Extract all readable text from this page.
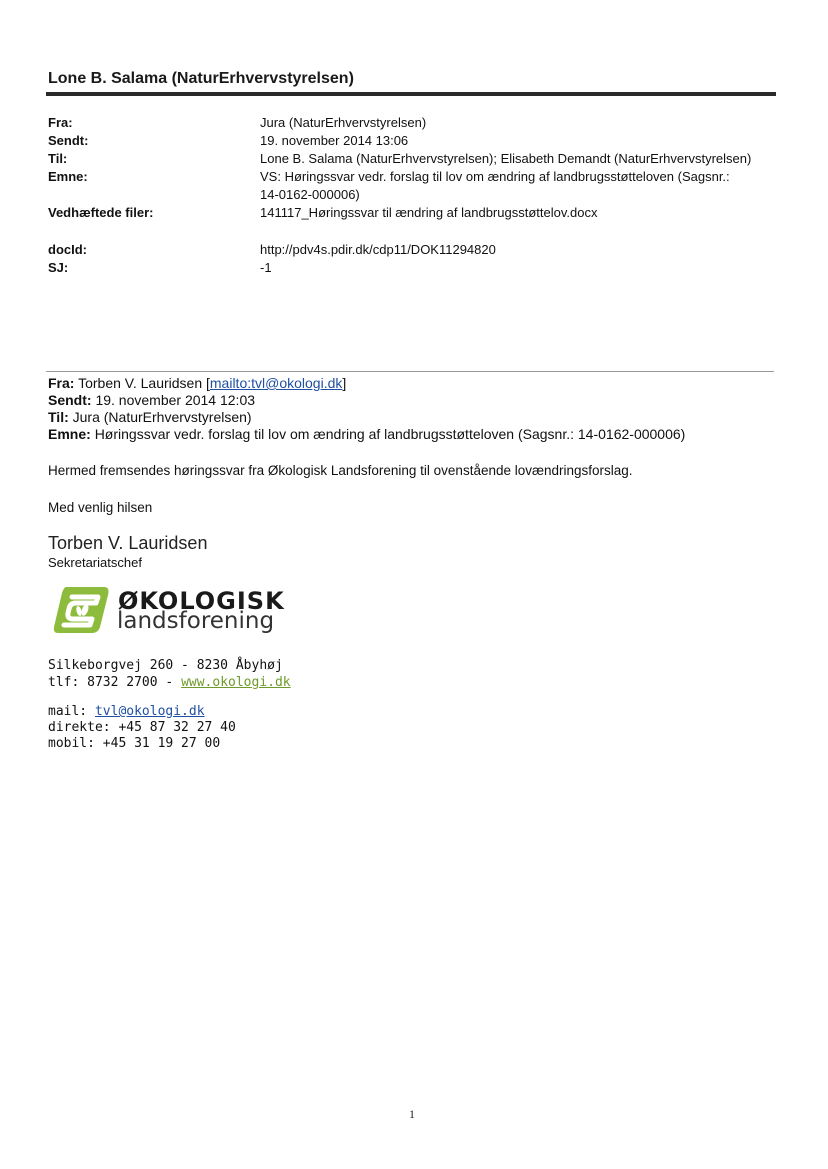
Lone B. Salama (NaturErhvervstyrelsen)
Fra:	Jura (NaturErhvervstyrelsen)
Sendt:	19. november 2014 13:06
Til:	Lone B. Salama (NaturErhvervstyrelsen); Elisabeth Demandt (NaturErhvervstyrelsen)
Emne:	VS: Høringssvar vedr. forslag til lov om ændring af landbrugsstøtteloven (Sagsnr.:
14-0162-000006)
Vedhæftede filer:	141117_Høringssvar til ændring af landbrugsstøttelov.docx
docId:	http://pdv4s.pdir.dk/cdp11/DOK11294820
SJ:	-1
Fra: Torben V. Lauridsen [mailto:tvl@okologi.dk]
Sendt: 19. november 2014 12:03
Til: Jura (NaturErhvervstyrelsen)
Emne: Høringssvar vedr. forslag til lov om ændring af landbrugsstøtteloven (Sagsnr.: 14-0162-000006)
Hermed fremsendes høringssvar fra Økologisk Landsforening til ovenstående lovændringsforslag.
Med venlig hilsen
Torben V. Lauridsen
Sekretariatschef
ØKOLOGISK
landsforening
Silkeborgvej 260 - 8230 Åbyhøj
tlf: 8732 2700 - www.okologi.dk
mail: tvl@okologi.dk
direkte: +45 87 32 27 40
mobil: +45 31 19 27 00
1
